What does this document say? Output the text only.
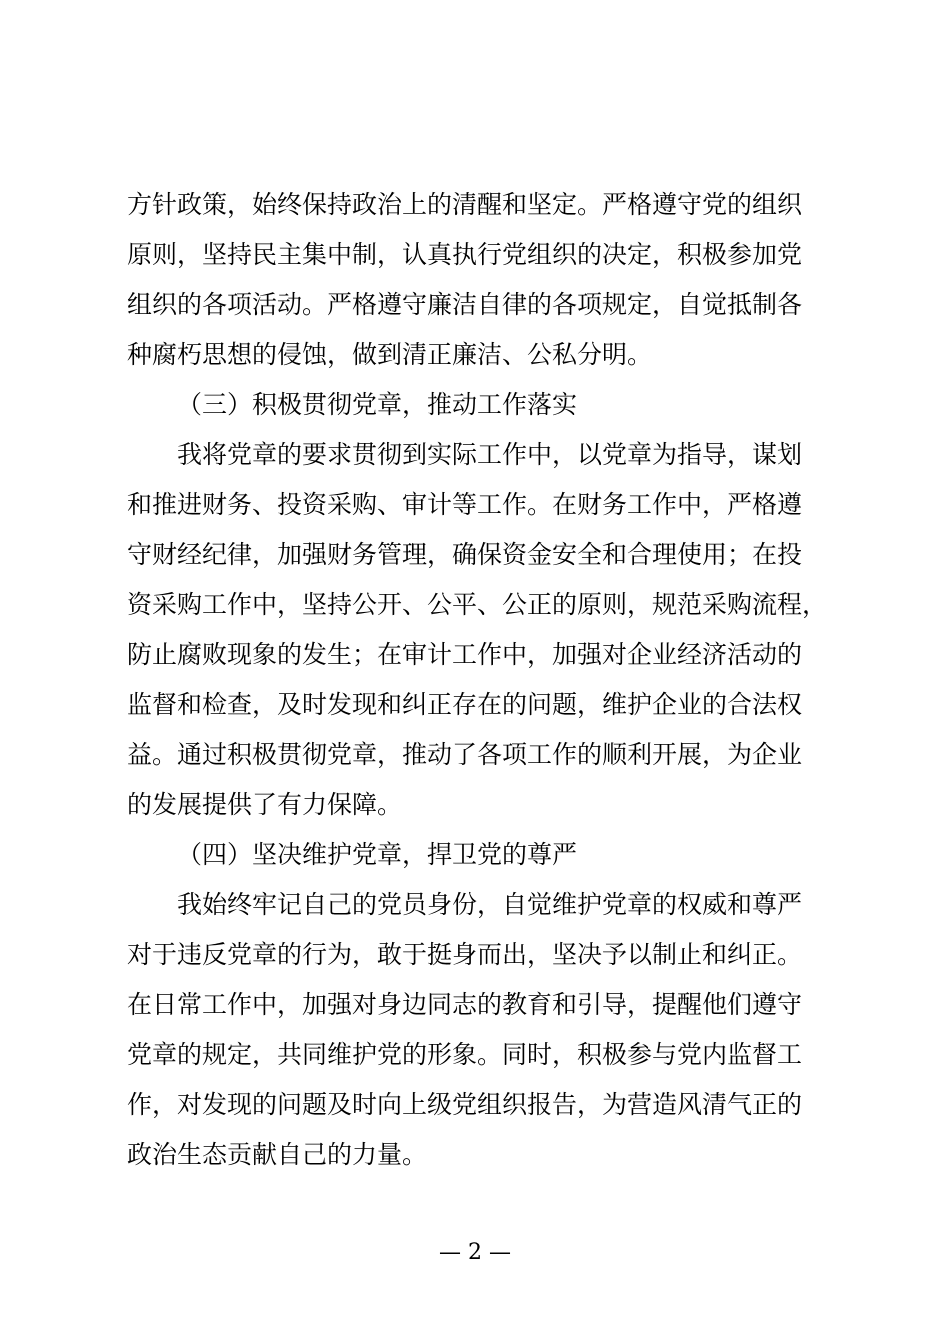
方针政策，始终保持政治上的清醒和坚定。严格遵守党的组织
原则，坚持民主集中制，认真执行党组织的决定，积极参加党
组织的各项活动。严格遵守廉洁自律的各项规定，自觉抵制各
种腐朽思想的侵蚀，做到清正廉洁、公私分明。
（三）积极贯彻党章，推动工作落实
我将党章的要求贯彻到实际工作中，以党章为指导，谋划
和推进财务、投资采购、审计等工作。在财务工作中，严格遵
守财经纪律，加强财务管理，确保资金安全和合理使用；在投
资采购工作中，坚持公开、公平、公正的原则，规范采购流程，
防止腐败现象的发生；在审计工作中，加强对企业经济活动的
监督和检查，及时发现和纠正存在的问题，维护企业的合法权
益。通过积极贯彻党章，推动了各项工作的顺利开展，为企业
的发展提供了有力保障。
（四）坚决维护党章，捍卫党的尊严
我始终牢记自己的党员身份，自觉维护党章的权威和尊严
对于违反党章的行为，敢于挺身而出，坚决予以制止和纠正。
在日常工作中，加强对身边同志的教育和引导，提醒他们遵守
党章的规定，共同维护党的形象。同时，积极参与党内监督工
作，对发现的问题及时向上级党组织报告，为营造风清气正的
政治生态贡献自己的力量。
— 2 —
